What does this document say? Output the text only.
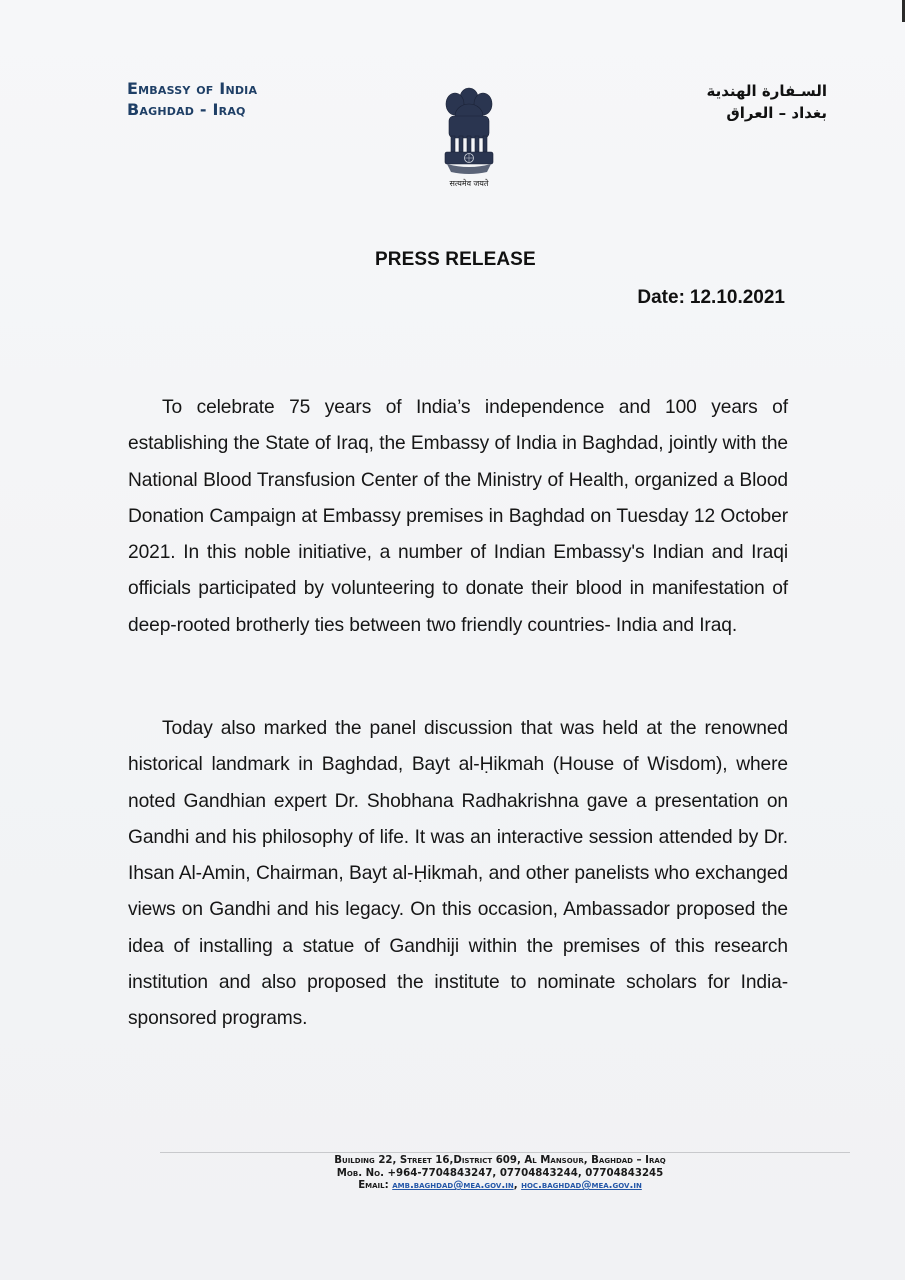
Embassy of India
Baghdad - Iraq
सत्यमेव जयते
السـفارة الهندية
بغداد – العراق
PRESS RELEASE
Date: 12.10.2021

To celebrate 75 years of India’s independence and 100 years of establishing the State of Iraq, the Embassy of India in Baghdad, jointly with the National Blood Transfusion Center of the Ministry of Health, organized a Blood Donation Campaign at Embassy premises in Baghdad on Tuesday 12 October 2021. In this noble initiative, a number of Indian Embassy's Indian and Iraqi officials participated by volunteering to donate their blood in manifestation of deep-rooted brotherly ties between two friendly countries- India and Iraq.

Today also marked the panel discussion that was held at the renowned historical landmark in Baghdad, Bayt al-Ḥikmah (House of Wisdom), where noted Gandhian expert Dr. Shobhana Radhakrishna gave a presentation on Gandhi and his philosophy of life. It was an interactive session attended by Dr. Ihsan Al-Amin, Chairman, Bayt al-Ḥikmah, and other panelists who exchanged views on Gandhi and his legacy. On this occasion, Ambassador proposed the idea of installing a statue of Gandhiji within the premises of this research institution and also proposed the institute to nominate scholars for India-sponsored programs.

Building 22, Street 16,District 609, Al Mansour, Baghdad – Iraq
Mob. No. +964-7704843247, 07704843244, 07704843245
Email: amb.baghdad@mea.gov.in, hoc.baghdad@mea.gov.in
